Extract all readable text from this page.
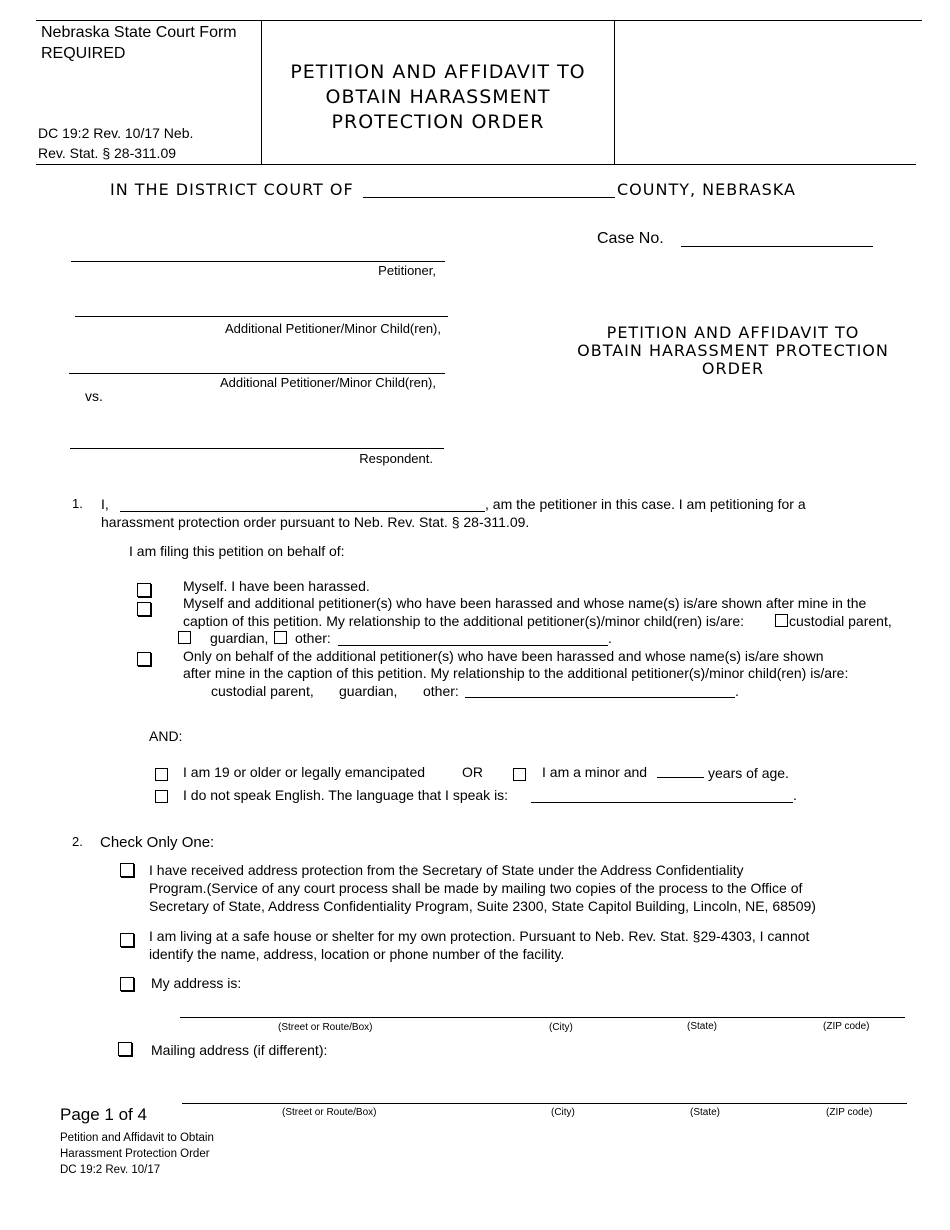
Nebraska State Court Form
REQUIRED
DC 19:2 Rev. 10/17 Neb.
Rev. Stat. § 28-311.09
PETITION AND AFFIDAVIT TO
OBTAIN HARASSMENT
PROTECTION ORDER
IN THE DISTRICT COURT OF	COUNTY, NEBRASKA
Case No.
Petitioner,
Additional Petitioner/Minor Child(ren),
Additional Petitioner/Minor Child(ren),
vs.
Respondent.
PETITION AND AFFIDAVIT TO
OBTAIN HARASSMENT PROTECTION
ORDER
1. I,	, am the petitioner in this case. I am petitioning for a
harassment protection order pursuant to Neb. Rev. Stat. § 28-311.09.
I am filing this petition on behalf of:
Myself. I have been harassed.
Myself and additional petitioner(s) who have been harassed and whose name(s) is/are shown after mine in the
caption of this petition. My relationship to the additional petitioner(s)/minor child(ren) is/are:	custodial parent,
guardian, other:	.
Only on behalf of the additional petitioner(s) who have been harassed and whose name(s) is/are shown
after mine in the caption of this petition. My relationship to the additional petitioner(s)/minor child(ren) is/are:
custodial parent, guardian, other:	.
AND:
I am 19 or older or legally emancipated	OR	I am a minor and	years of age.
I do not speak English. The language that I speak is:	.
2. Check Only One:
I have received address protection from the Secretary of State under the Address Confidentiality
Program.(Service of any court process shall be made by mailing two copies of the process to the Office of
Secretary of State, Address Confidentiality Program, Suite 2300, State Capitol Building, Lincoln, NE, 68509)
I am living at a safe house or shelter for my own protection. Pursuant to Neb. Rev. Stat. §29-4303, I cannot
identify the name, address, location or phone number of the facility.
My address is:
(Street or Route/Box)	(City)	(State)	(ZIP code)
Mailing address (if different):
(Street or Route/Box)	(City)	(State)	(ZIP code)
Page 1 of 4
Petition and Affidavit to Obtain
Harassment Protection Order
DC 19:2 Rev. 10/17
